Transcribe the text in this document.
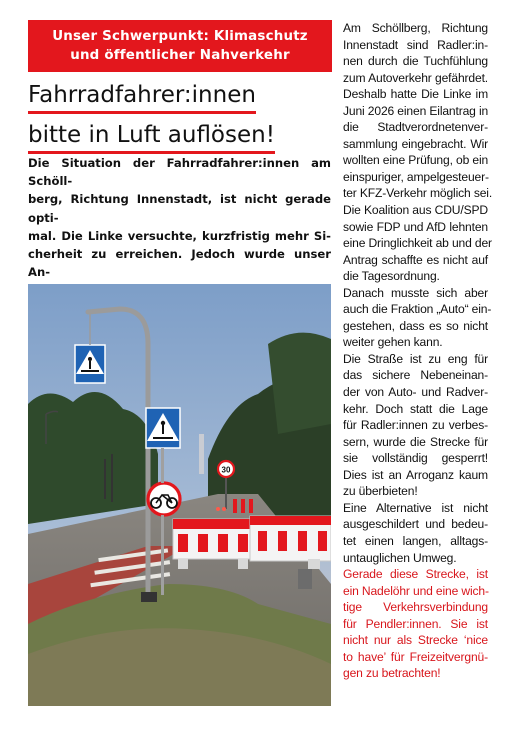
Unser Schwerpunkt: Klimaschutz
und öffentlicher Nahverkehr
Fahrradfahrer:innen
bitte in Luft auflösen!
Die Situation der Fahrradfahrer:innen am Schöll-
berg, Richtung Innenstadt, ist nicht gerade opti-
mal. Die Linke versuchte, kurzfristig mehr Si-
cherheit zu erreichen. Jedoch wurde unser An-
30
Am Schöllberg, Richtung
Innenstadt sind Radler:in-
nen durch die Tuchfühlung
zum Autoverkehr gefährdet.
Deshalb hatte Die Linke im
Juni 2026 einen Eilantrag in
die Stadtverordnetenver-
sammlung eingebracht. Wir
wollten eine Prüfung, ob ein
einspuriger, ampelgesteuer-
ter KFZ-Verkehr möglich sei.
Die Koalition aus CDU/SPD
sowie FDP und AfD lehnten
eine Dringlichkeit ab und der
Antrag schaffte es nicht auf
die Tagesordnung.
Danach musste sich aber
auch die Fraktion „Auto“ ein-
gestehen, dass es so nicht
weiter gehen kann.
Die Straße ist zu eng für
das sichere Nebeneinan-
der von Auto- und Radver-
kehr. Doch statt die Lage
für Radler:innen zu verbes-
sern, wurde die Strecke für
sie vollständig gesperrt!
Dies ist an Arroganz kaum
zu überbieten!
Eine Alternative ist nicht
ausgeschildert und bedeu-
tet einen langen, alltags-
untauglichen Umweg.
Gerade diese Strecke, ist
ein Nadelöhr und eine wich-
tige Verkehrsverbindung
für Pendler:innen. Sie ist
nicht nur als Strecke ‘nice
to have’ für Freizeitvergnü-
gen zu betrachten!
